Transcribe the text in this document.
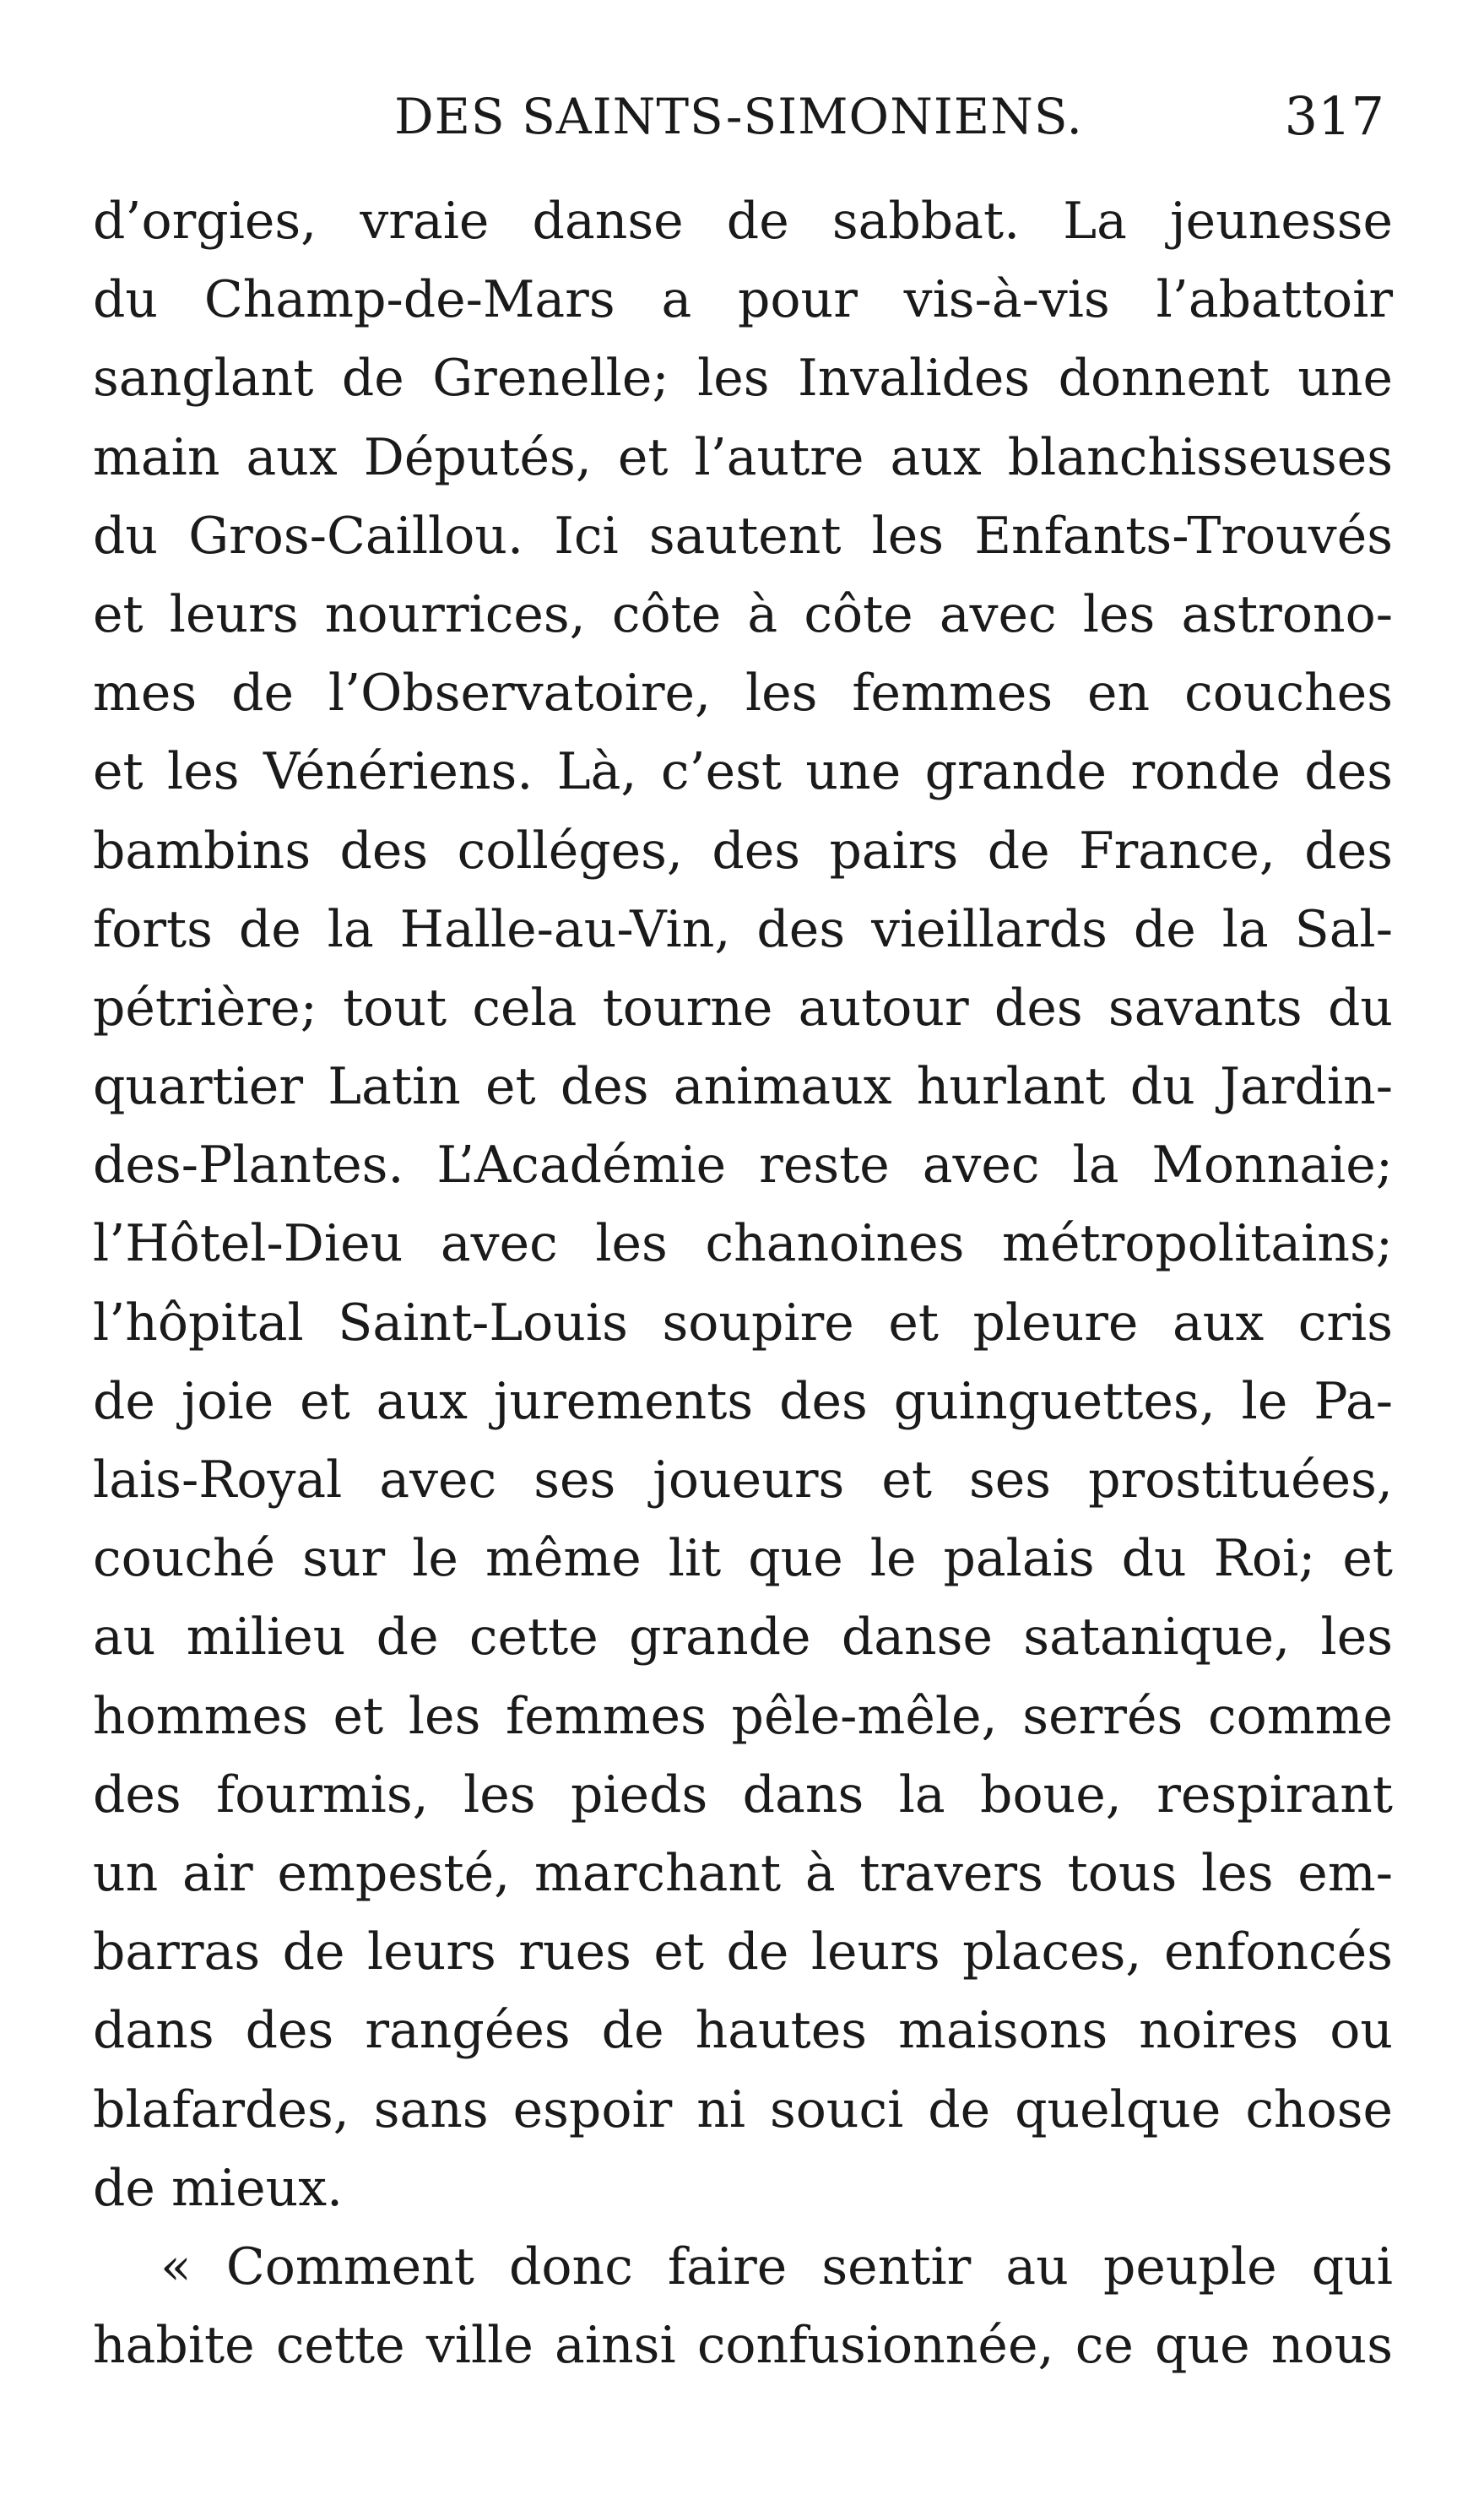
DES SAINTS-SIMONIENS.	317
d’orgies, vraie danse de sabbat. La jeunesse
du Champ-de-Mars a pour vis-à-vis l’abattoir
sanglant de Grenelle; les Invalides donnent une
main aux Députés, et l’autre aux blanchisseuses
du Gros-Caillou. Ici sautent les Enfants-Trouvés
et leurs nourrices, côte à côte avec les astrono-
mes de l’Observatoire, les femmes en couches
et les Vénériens. Là, c’est une grande ronde des
bambins des colléges, des pairs de France, des
forts de la Halle-au-Vin, des vieillards de la Sal-
pétrière; tout cela tourne autour des savants du
quartier Latin et des animaux hurlant du Jardin-
des-Plantes. L’Académie reste avec la Monnaie;
l’Hôtel-Dieu avec les chanoines métropolitains;
l’hôpital Saint-Louis soupire et pleure aux cris
de joie et aux jurements des guinguettes, le Pa-
lais-Royal avec ses joueurs et ses prostituées,
couché sur le même lit que le palais du Roi; et
au milieu de cette grande danse satanique, les
hommes et les femmes pêle-mêle, serrés comme
des fourmis, les pieds dans la boue, respirant
un air empesté, marchant à travers tous les em-
barras de leurs rues et de leurs places, enfoncés
dans des rangées de hautes maisons noires ou
blafardes, sans espoir ni souci de quelque chose
de mieux.
« Comment donc faire sentir au peuple qui
habite cette ville ainsi confusionnée, ce que nous
